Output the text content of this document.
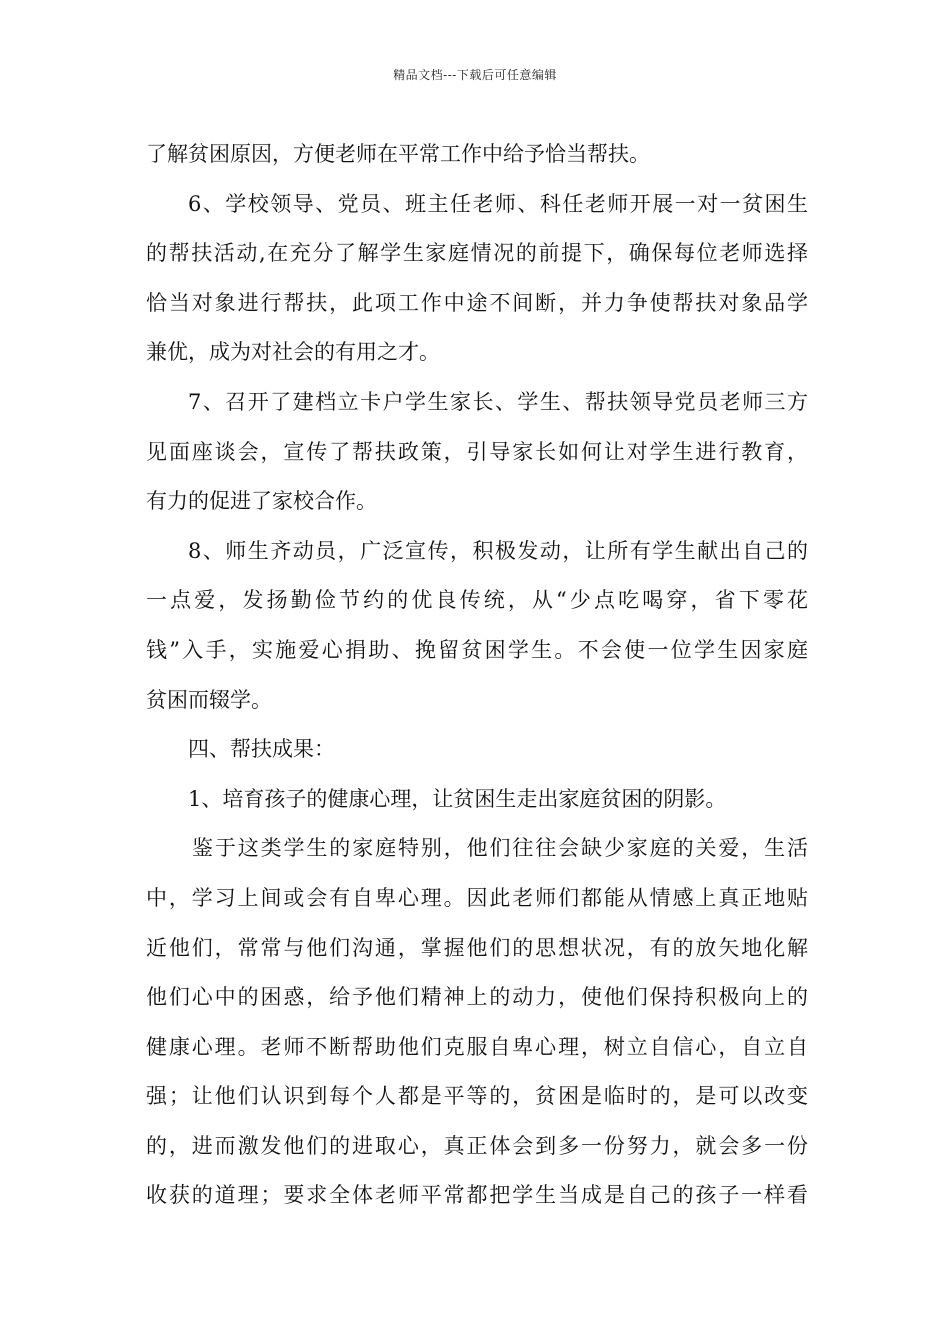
精品文档---下载后可任意编辑
了解贫困原因，方便老师在平常工作中给予恰当帮扶。
6、学校领导、党员、班主任老师、科任老师开展一对一贫困生
的帮扶活动,在充分了解学生家庭情况的前提下，确保每位老师选择
恰当对象进行帮扶，此项工作中途不间断，并力争使帮扶对象品学
兼优，成为对社会的有用之才。
7、召开了建档立卡户学生家长、学生、帮扶领导党员老师三方
见面座谈会，宣传了帮扶政策，引导家长如何让对学生进行教育，
有力的促进了家校合作。
8、师生齐动员，广泛宣传，积极发动，让所有学生献出自己的
一点爱，发扬勤俭节约的优良传统，从“少点吃喝穿，省下零花
钱”入手，实施爱心捐助、挽留贫困学生。不会使一位学生因家庭
贫困而辍学。
四、帮扶成果：
1、培育孩子的健康心理，让贫困生走出家庭贫困的阴影。
鉴于这类学生的家庭特别，他们往往会缺少家庭的关爱，生活
中，学习上间或会有自卑心理。因此老师们都能从情感上真正地贴
近他们，常常与他们沟通，掌握他们的思想状况，有的放矢地化解
他们心中的困惑，给予他们精神上的动力，使他们保持积极向上的
健康心理。老师不断帮助他们克服自卑心理，树立自信心，自立自
强；让他们认识到每个人都是平等的，贫困是临时的，是可以改变
的，进而激发他们的进取心，真正体会到多一份努力，就会多一份
收获的道理；要求全体老师平常都把学生当成是自己的孩子一样看
